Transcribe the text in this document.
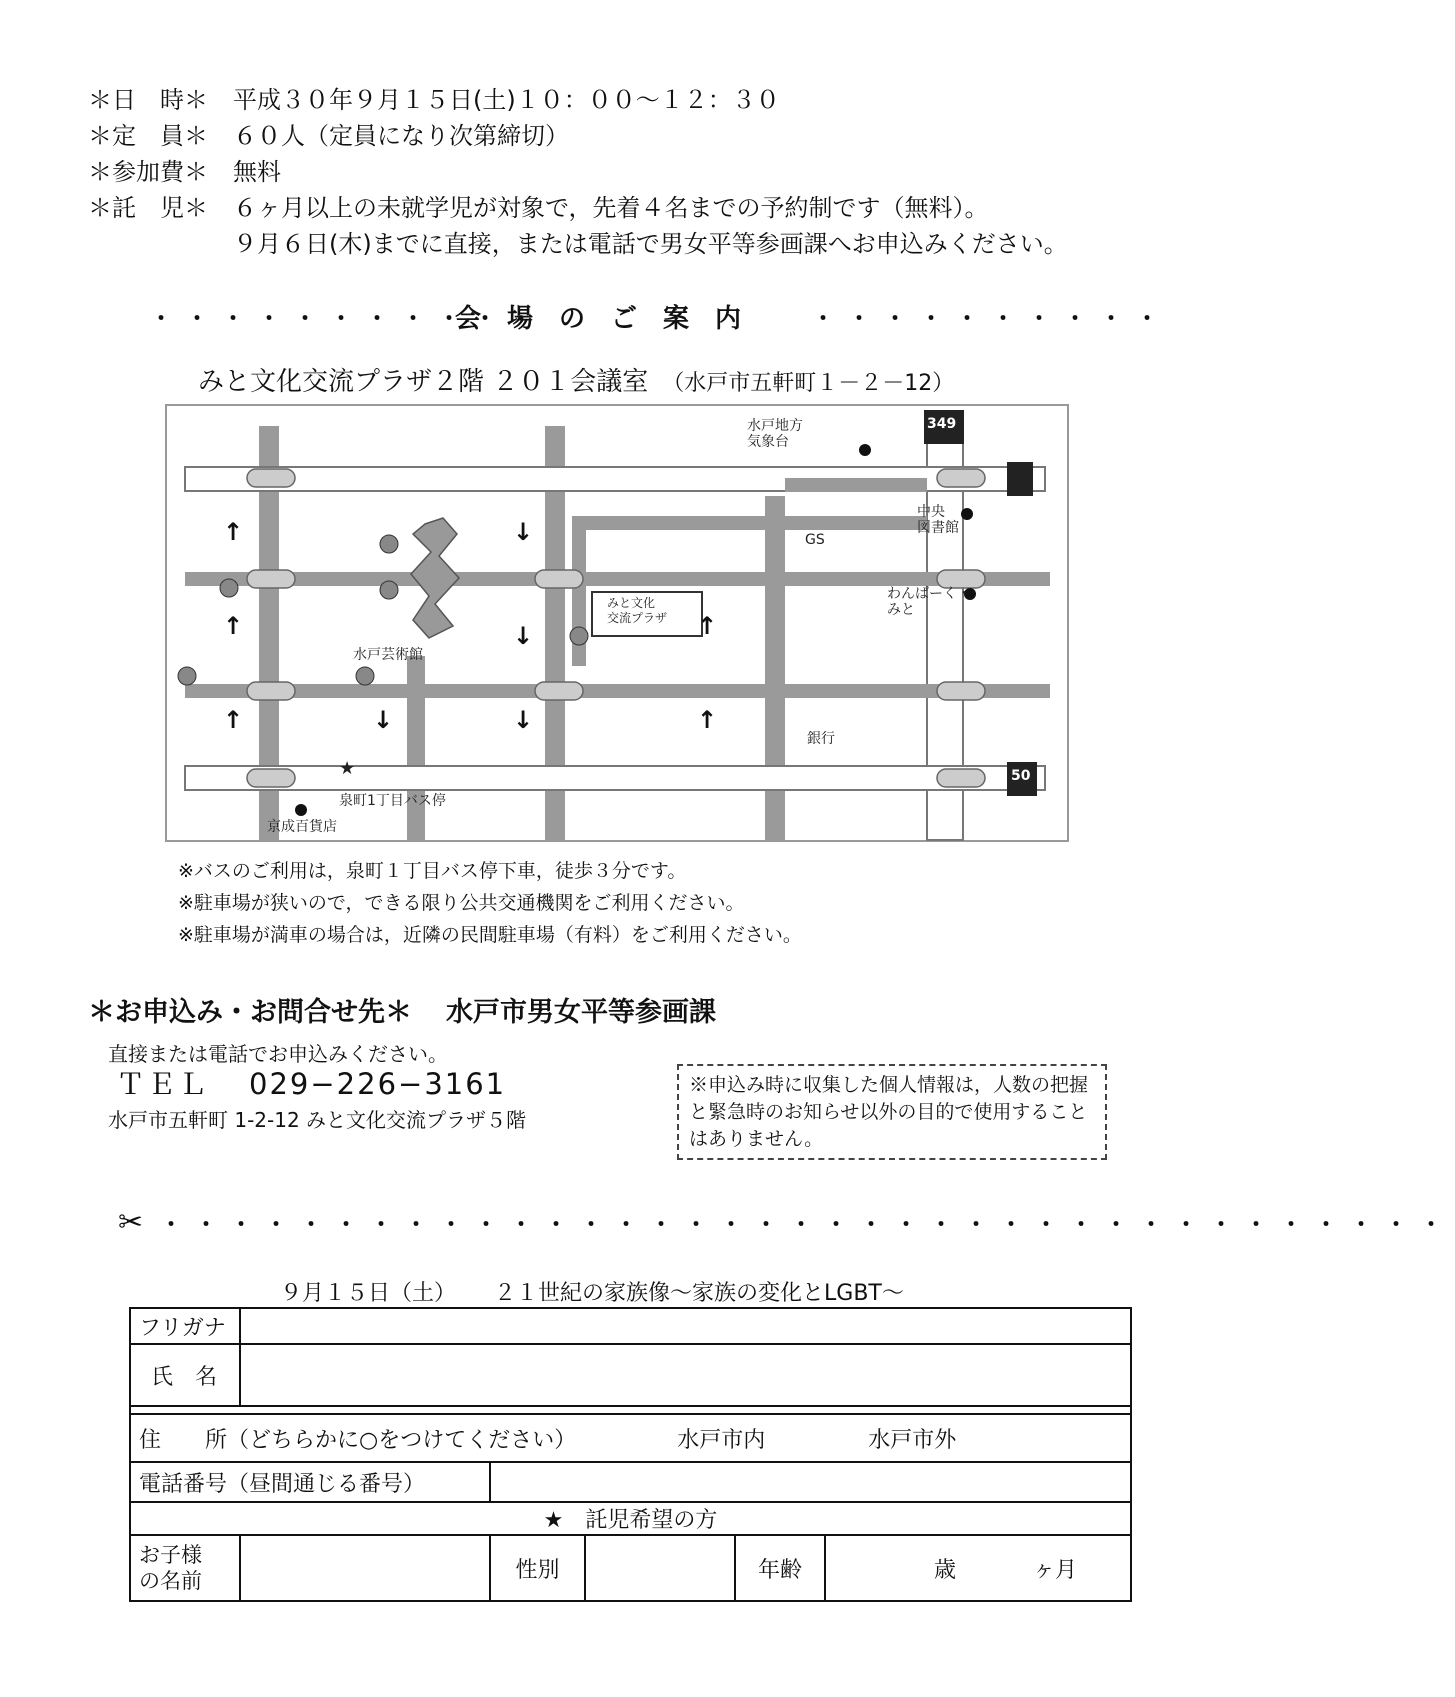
＊日　時＊ 平成３０年９月１５日(土)１０：００～１２：３０
＊定　員＊ ６０人（定員になり次第締切）
＊参加費＊ 無料
＊託　児＊ ６ヶ月以上の未就学児が対象で，先着４名までの予約制です（無料）。
９月６日(木)までに直接，または電話で男女平等参画課へお申込みください。
・・・・・・・・・・・
会場のご案内 ・・・・・・・・・・
みと文化交流プラザ２階 ２０１会議室 （水戸市五軒町１－２－12）
水戸地方
気象台
349
中央
図書館
GS
わんぱーく・
みと
みと文化
交流プラザ
水戸芸術館
銀行
★
泉町1丁目バス停
京成百貨店
50
↑
↑
↑
↓
↓
↓
↓
↑
↑
※バスのご利用は，泉町１丁目バス停下車，徒歩３分です。
※駐車場が狭いので，できる限り公共交通機関をご利用ください。
※駐車場が満車の場合は，近隣の民間駐車場（有料）をご利用ください。
＊お申込み・お問合せ先＊ 水戸市男女平等参画課
直接または電話でお申込みください。
ＴＥＬ 029−226−3161
水戸市五軒町 1-2-12 みと文化交流プラザ５階
※申込み時に収集した個人情報は，人数の把握と緊急時のお知らせ以外の目的で使用することはありません。
✂ ・・・・・・・・・・・・・・・・・・・・・・・・・・・・・・・・・・・・・
９月１５日（土） ２１世紀の家族像～家族の変化とLGBT～
フリガナ					
氏　名					

住　　所（どちらかに○をつけてください） 水戸市内 水戸市外					
電話番号（昼間通じる番号）					
★　託児希望の方					
お子様
の名前		性別		年齢	歳 ヶ月
